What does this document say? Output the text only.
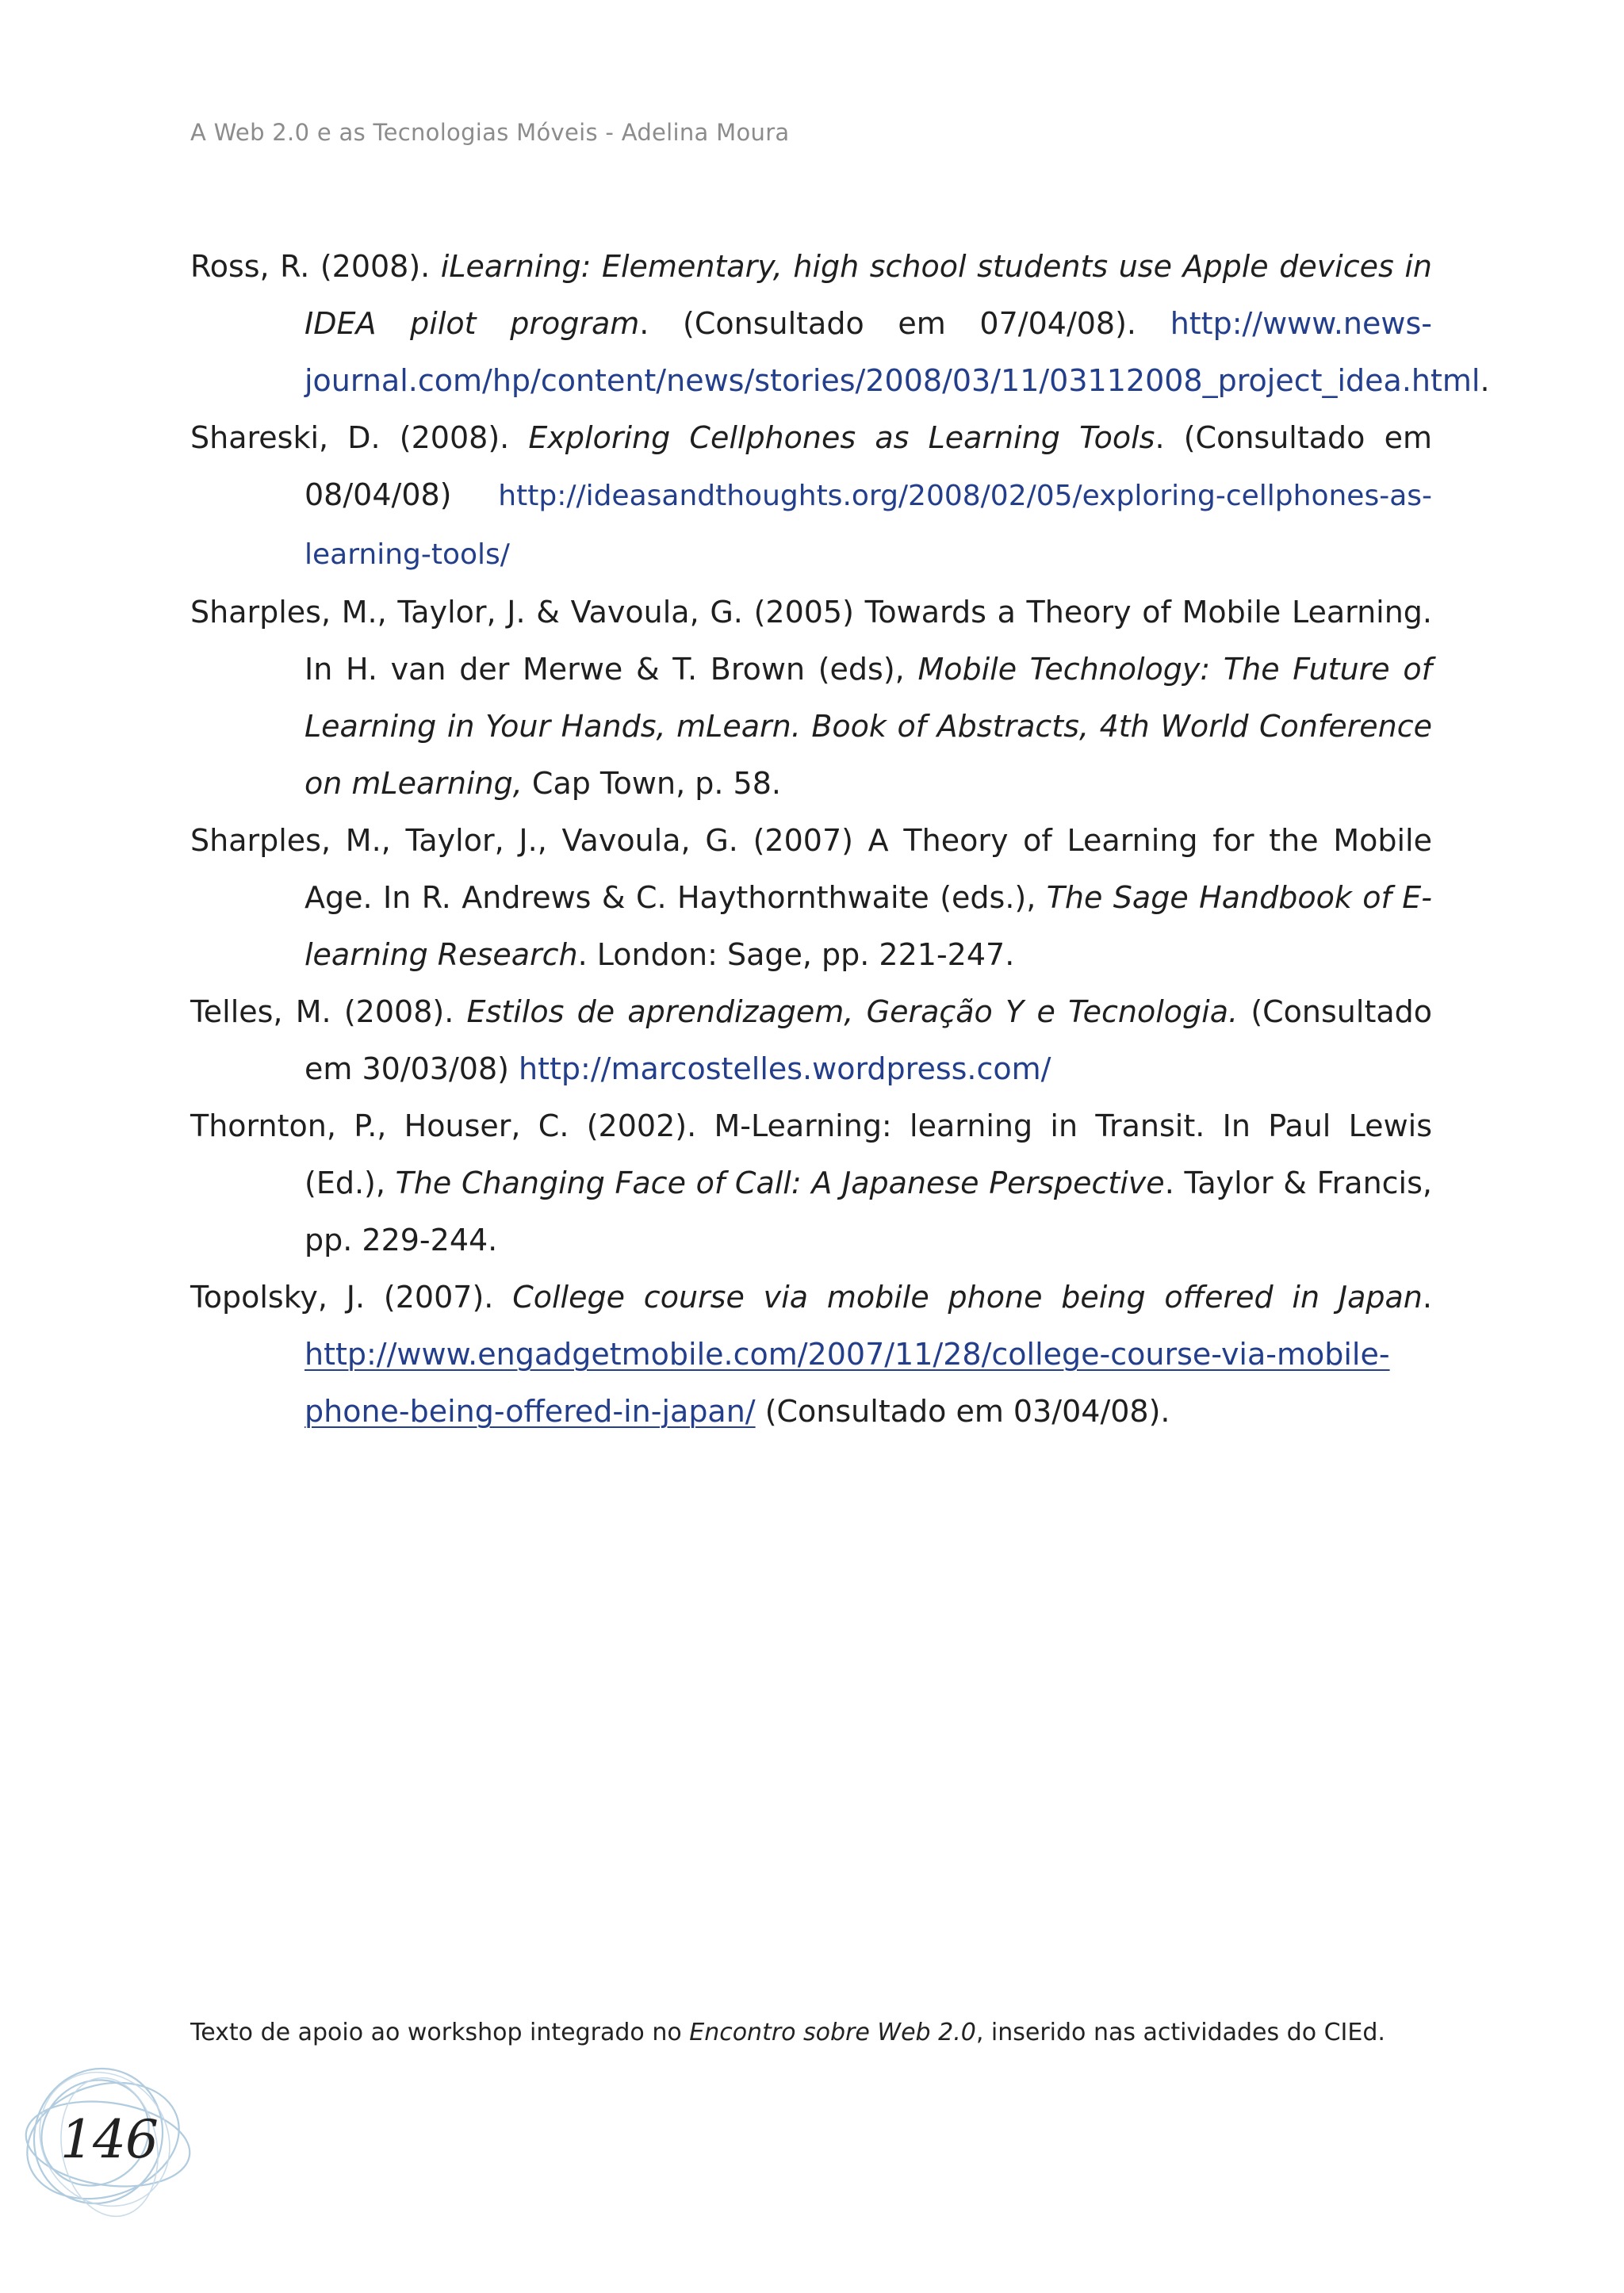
A Web 2.0 e as Tecnologias Móveis - Adelina Moura
Ross, R. (2008). iLearning: Elementary, high school students use Apple devices in IDEA pilot program. (Consultado em 07/04/08). http://www.news-journal.com/hp/content/news/stories/2008/03/11/03112008_project_idea.html.
Shareski, D. (2008). Exploring Cellphones as Learning Tools. (Consultado em 08/04/08) http://ideasandthoughts.org/2008/02/05/exploring-cellphones-as-learning-tools/
Sharples, M., Taylor, J. & Vavoula, G. (2005) Towards a Theory of Mobile Learning. In H. van der Merwe & T. Brown (eds), Mobile Technology: The Future of Learning in Your Hands, mLearn. Book of Abstracts, 4th World Conference on mLearning, Cap Town, p. 58.
Sharples, M., Taylor, J., Vavoula, G. (2007) A Theory of Learning for the Mobile Age. In R. Andrews & C. Haythornthwaite (eds.), The Sage Handbook of E-learning Research. London: Sage, pp. 221-247.
Telles, M. (2008). Estilos de aprendizagem, Geração Y e Tecnologia. (Consultado em 30/03/08) http://marcostelles.wordpress.com/
Thornton, P., Houser, C. (2002). M-Learning: learning in Transit. In Paul Lewis (Ed.), The Changing Face of Call: A Japanese Perspective. Taylor & Francis, pp. 229-244.
Topolsky, J. (2007). College course via mobile phone being offered in Japan. http://www.engadgetmobile.com/2007/11/28/college-course-via-mobile-phone-being-offered-in-japan/ (Consultado em 03/04/08).
Texto de apoio ao workshop integrado no Encontro sobre Web 2.0, inserido nas actividades do CIEd.
146
